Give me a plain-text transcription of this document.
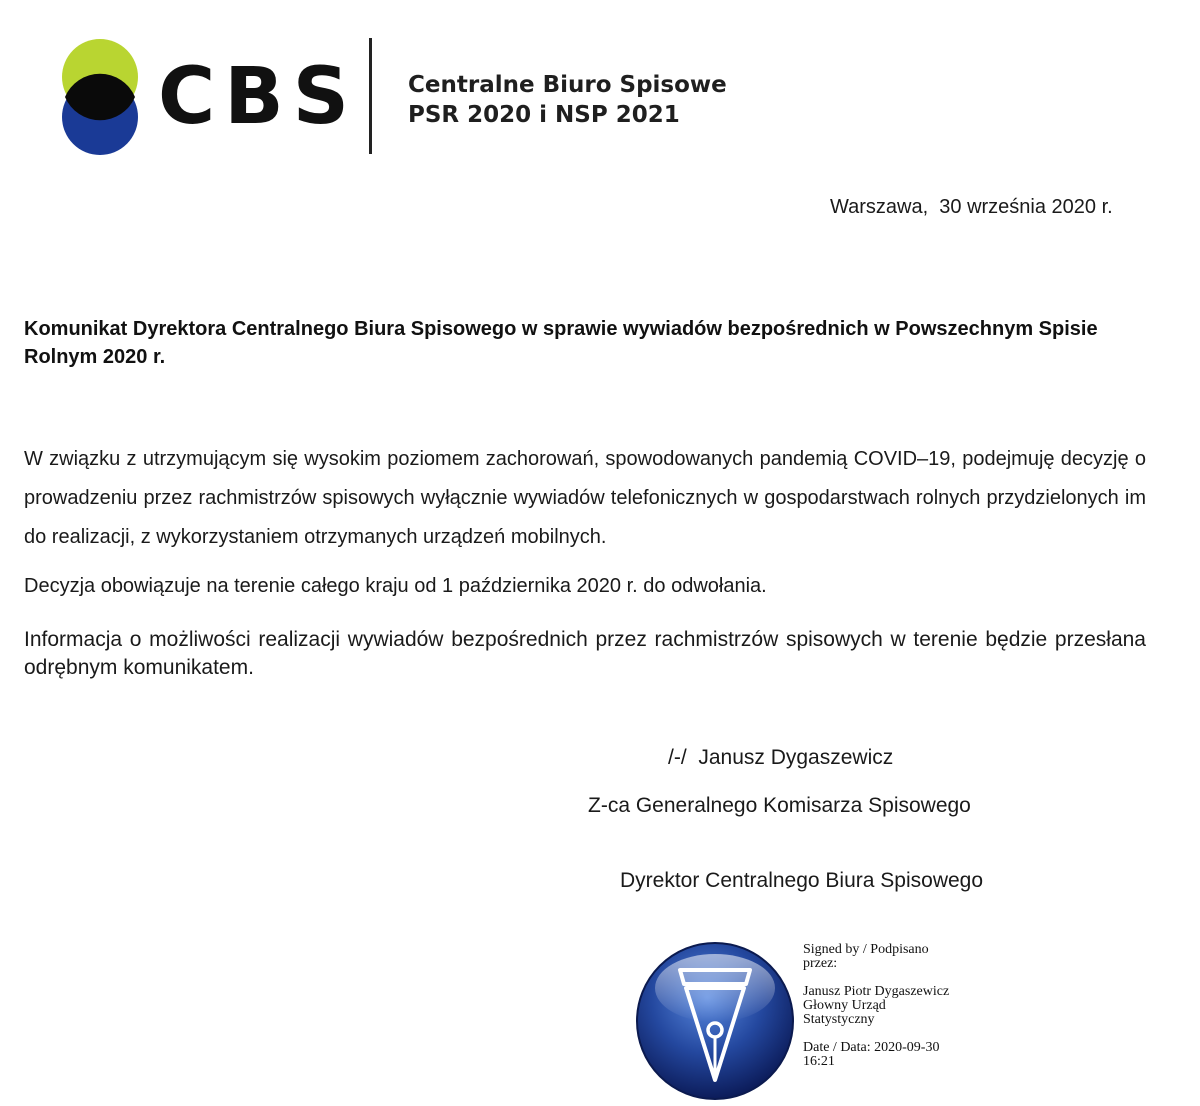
CBS Centralne Biuro Spisowe
PSR 2020 i NSP 2021
Warszawa,  30 września 2020 r.
Komunikat Dyrektora Centralnego Biura Spisowego w sprawie wywiadów bezpośrednich w Powszechnym Spisie Rolnym 2020 r.
W związku z utrzymującym się wysokim poziomem zachorowań, spowodowanych pandemią COVID–19, podejmuję decyzję o prowadzeniu przez rachmistrzów spisowych wyłącznie wywiadów telefonicznych w gospodarstwach rolnych przydzielonych im do realizacji, z wykorzystaniem otrzymanych urządzeń mobilnych.
Decyzja obowiązuje na terenie całego kraju od 1 października 2020 r. do odwołania.
Informacja o możliwości realizacji wywiadów bezpośrednich przez rachmistrzów spisowych w terenie będzie przesłana odrębnym komunikatem.
/-/  Janusz Dygaszewicz
Z-ca Generalnego Komisarza Spisowego
Dyrektor Centralnego Biura Spisowego

Signed by / Podpisano

przez:

Janusz Piotr Dygaszewicz

Głowny Urząd

Statystyczny

Date / Data: 2020-09-30

16:21
